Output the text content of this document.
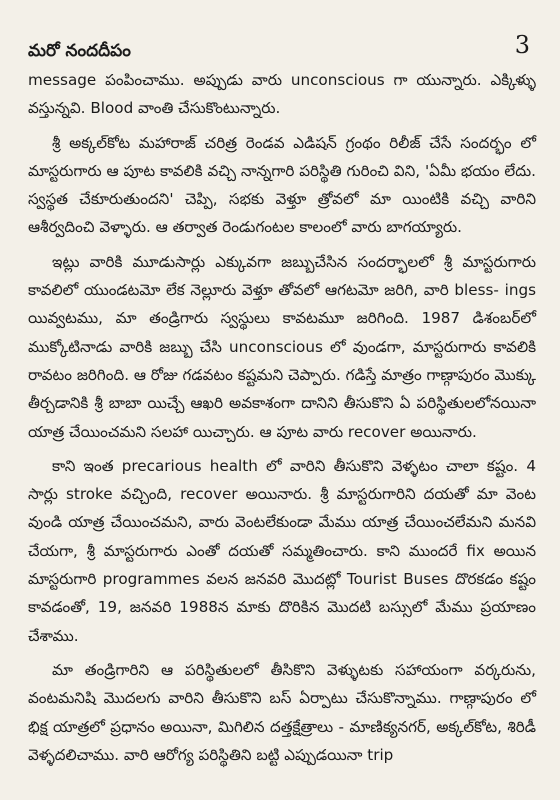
మరో నందదీపం	3

message పంపించాము. అప్పుడు వారు unconscious గా యున్నారు. ఎక్కిళ్ళు వస్తున్నవి. Blood వాంతి చేసుకొంటున్నారు.

శ్రీ అక్కల్‌కోట మహారాజ్ చరిత్ర రెండవ ఎడిషన్ గ్రంథం రిలీజ్ చేసే సందర్భం లో మాస్టరుగారు ఆ పూట కావలికి వచ్చి నాన్నగారి పరిస్థితి గురించి విని, 'ఏమీ భయం లేదు. స్వస్థత చేకూరుతుందని' చెప్పి, సభకు వెళ్తూ త్రోవలో మా యింటికి వచ్చి వారిని ఆశీర్వదించి వెళ్ళారు. ఆ తర్వాత రెండుగంటల కాలంలో వారు బాగయ్యారు.

ఇట్లు వారికి మూడుసార్లు ఎక్కువగా జబ్బుచేసిన సందర్భాలలో శ్రీ మాస్టరుగారు కావలిలో యుండటమో లేక నెల్లూరు వెళ్తూ తోవలో ఆగటమో జరిగి, వారి bless- ings యివ్వటము, మా తండ్రిగారు స్వస్థులు కావటమూ జరిగింది. 1987 డిశంబర్‌లో ముక్కోటినాడు వారికి జబ్బు చేసి unconscious లో వుండగా, మాస్టరుగారు కావలికి రావటం జరిగింది. ఆ రోజు గడవటం కష్టమని చెప్పారు. గడిస్తే మాత్రం గాణ్గాపురం మొక్కు తీర్చడానికి శ్రీ బాబా యిచ్చే ఆఖరి అవకాశంగా దానిని తీసుకొని ఏ పరిస్థితులలోనయినా యాత్ర చేయించమని సలహా యిచ్చారు. ఆ పూట వారు recover అయినారు.

కాని ఇంత precarious health లో వారిని తీసుకొని వెళ్ళటం చాలా కష్టం. 4 సార్లు stroke వచ్చింది, recover అయినారు. శ్రీ మాస్టరుగారిని దయతో మా వెంట వుండి యాత్ర చేయించమని, వారు వెంటలేకుండా మేము యాత్ర చేయించలేమని మనవి చేయగా, శ్రీ మాస్టరుగారు ఎంతో దయతో సమ్మతించారు. కాని ముందరే fix అయిన మాస్టరుగారి programmes వలన జనవరి మొదట్లో Tourist Buses దొరకడం కష్టం కావడంతో, 19, జనవరి 1988న మాకు దొరికిన మొదటి బస్సులో మేము ప్రయాణం చేశాము.

మా తండ్రిగారిని ఆ పరిస్థితులలో తీసికొని వెళ్ళుటకు సహాయంగా వర్కరును, వంటమనిషి మొదలగు వారిని తీసుకొని బస్ ఏర్పాటు చేసుకొన్నాము. గాణ్గాపురం లో భిక్ష యాత్రలో ప్రధానం అయినా, మిగిలిన దత్తక్షేత్రాలు - మాణిక్యనగర్, అక్కల్‌కోట, శిరిడీ వెళ్ళదలిచాము. వారి ఆరోగ్య పరిస్థితిని బట్టి ఎప్పుడయినా trip
